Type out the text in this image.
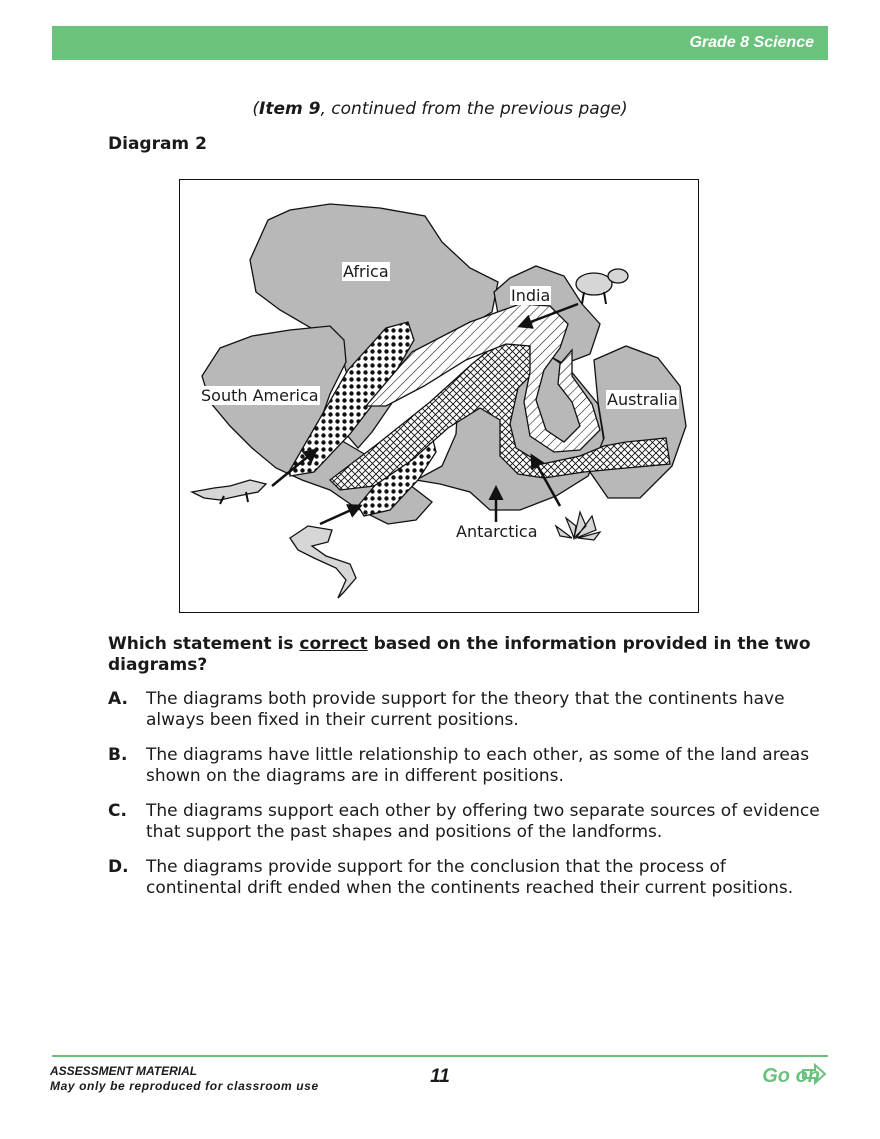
Grade 8 Science
(Item 9, continued from the previous page)
Diagram 2
Africa
India
South America	Australia
Antarctica
Which statement is correct based on the information provided in the two diagrams?
A. The diagrams both provide support for the theory that the continents have always been fixed in their current positions.
B. The diagrams have little relationship to each other, as some of the land areas shown on the diagrams are in different positions.
C. The diagrams support each other by offering two separate sources of evidence that support the past shapes and positions of the landforms.
D. The diagrams provide support for the conclusion that the process of continental drift ended when the continents reached their current positions.
ASSESSMENT MATERIAL
May only be reproduced for classroom use	11	Go on
